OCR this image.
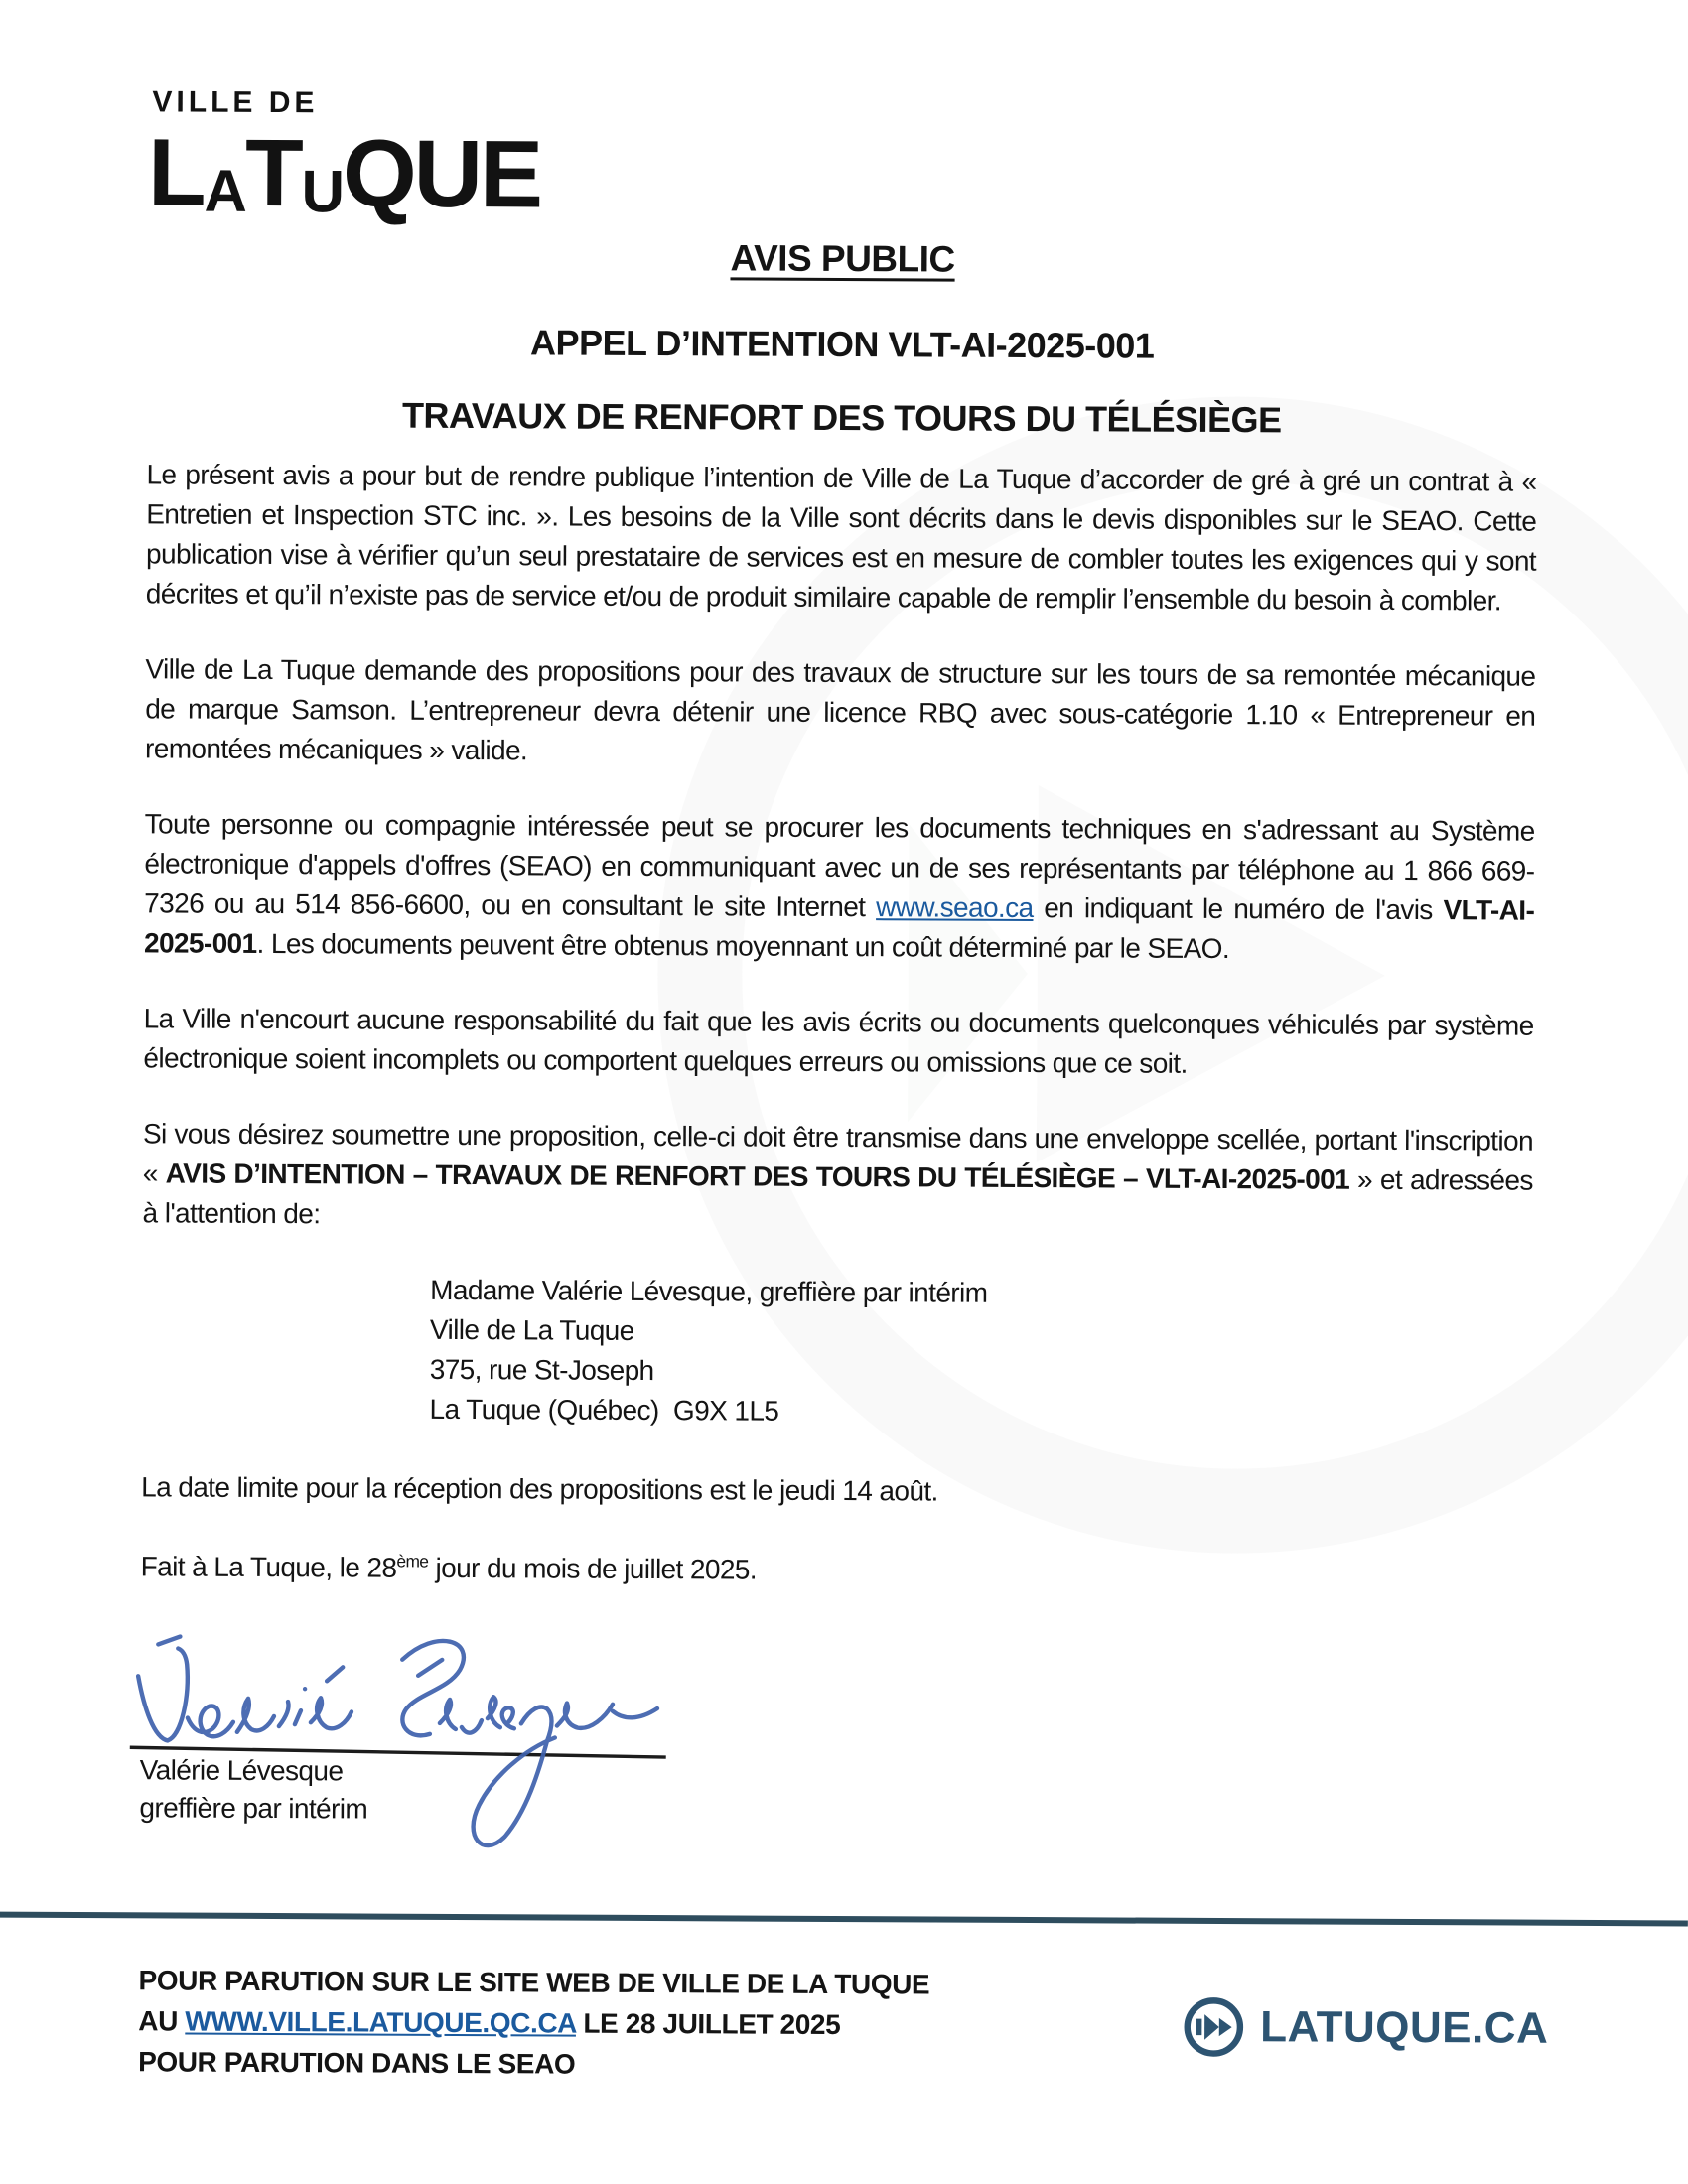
VILLE DE
L A T U QUE
AVIS PUBLIC
APPEL D’INTENTION VLT-AI-2025-001
TRAVAUX DE RENFORT DES TOURS DU TÉLÉSIÈGE

Le présent avis a pour but de rendre publique l’intention de Ville de La Tuque d’accorder de gré à gré un contrat à « Entretien et Inspection STC inc. ». Les besoins de la Ville sont décrits dans le devis disponibles sur le SEAO. Cette publication vise à vérifier qu’un seul prestataire de services est en mesure de combler toutes les exigences qui y sont décrites et qu’il n’existe pas de service et/ou de produit similaire capable de remplir l’ensemble du besoin à combler.

Ville de La Tuque demande des propositions pour des travaux de structure sur les tours de sa remontée mécanique de marque Samson. L’entrepreneur devra détenir une licence RBQ avec sous-catégorie 1.10 « Entrepreneur en remontées mécaniques » valide.

Toute personne ou compagnie intéressée peut se procurer les documents techniques en s'adressant au Système électronique d'appels d'offres (SEAO) en communiquant avec un de ses représentants par téléphone au 1 866 669-7326 ou au 514 856-6600, ou en consultant le site Internet www.seao.ca en indiquant le numéro de l'avis VLT-AI-2025-001. Les documents peuvent être obtenus moyennant un coût déterminé par le SEAO.

La Ville n'encourt aucune responsabilité du fait que les avis écrits ou documents quelconques véhiculés par système électronique soient incomplets ou comportent quelques erreurs ou omissions que ce soit.

Si vous désirez soumettre une proposition, celle-ci doit être transmise dans une enveloppe scellée, portant l'inscription « AVIS D’INTENTION – TRAVAUX DE RENFORT DES TOURS DU TÉLÉSIÈGE – VLT-AI-2025-001 » et adressées à l'attention de:

Madame Valérie Lévesque, greffière par intérim
Ville de La Tuque
375, rue St-Joseph
La Tuque (Québec)  G9X 1L5

La date limite pour la réception des propositions est le jeudi 14 août.

Fait à La Tuque, le 28ème jour du mois de juillet 2025.

Valérie Lévesque
greffière par intérim
POUR PARUTION SUR LE SITE WEB DE VILLE DE LA TUQUE
AU WWW.VILLE.LATUQUE.QC.CA LE 28 JUILLET 2025
POUR PARUTION DANS LE SEAO
LATUQUE.CA
